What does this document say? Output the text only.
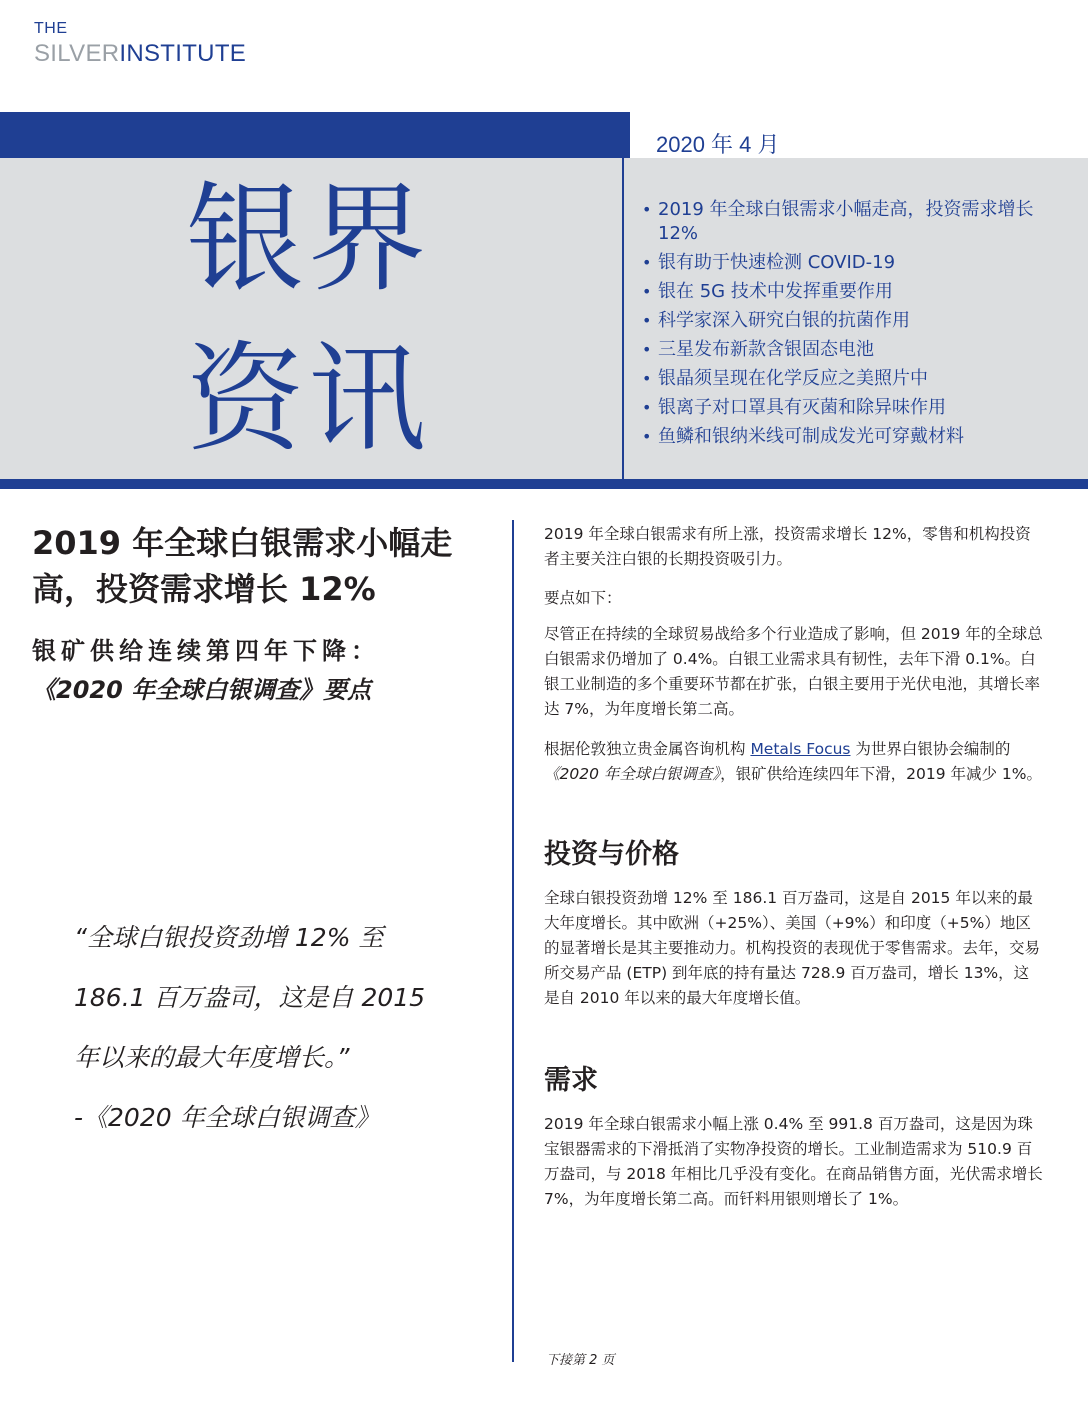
THE
SILVERINSTITUTE
2020 年 4 月
银界
资讯
• 2019 年全球白银需求小幅走高，投资需求增长 12%
• 银有助于快速检测 COVID-19
• 银在 5G 技术中发挥重要作用
• 科学家深入研究白银的抗菌作用
• 三星发布新款含银固态电池
• 银晶须呈现在化学反应之美照片中
• 银离子对口罩具有灭菌和除异味作用
• 鱼鳞和银纳米线可制成发光可穿戴材料
2019 年全球白银需求小幅走高，投资需求增长 12%
银矿供给连续第四年下降：
《2020 年全球白银调查》要点

“全球白银投资劲增 12% 至

186.1 百万盎司，这是自 2015

年以来的最大年度增长。”

-《2020 年全球白银调查》

下接第 2 页

2019 年全球白银需求有所上涨，投资需求增长 12%，零售和机构投资者主要关注白银的长期投资吸引力。

要点如下：

尽管正在持续的全球贸易战给多个行业造成了影响，但 2019 年的全球总白银需求仍增加了 0.4%。白银工业需求具有韧性，去年下滑 0.1%。白银工业制造的多个重要环节都在扩张，白银主要用于光伏电池，其增长率达 7%，为年度增长第二高。

根据伦敦独立贵金属咨询机构 Metals Focus 为世界白银协会编制的《2020 年全球白银调查》，银矿供给连续四年下滑，2019 年减少 1%。

投资与价格

全球白银投资劲增 12% 至 186.1 百万盎司，这是自 2015 年以来的最大年度增长。其中欧洲（+25%）、美国（+9%）和印度（+5%）地区的显著增长是其主要推动力。机构投资的表现优于零售需求。去年，交易所交易产品 (ETP) 到年底的持有量达 728.9 百万盎司，增长 13%，这是自 2010 年以来的最大年度增长值。

需求

2019 年全球白银需求小幅上涨 0.4% 至 991.8 百万盎司，这是因为珠宝银器需求的下滑抵消了实物净投资的增长。工业制造需求为 510.9 百万盎司，与 2018 年相比几乎没有变化。在商品销售方面，光伏需求增长 7%，为年度增长第二高。而钎料用银则增长了 1%。
